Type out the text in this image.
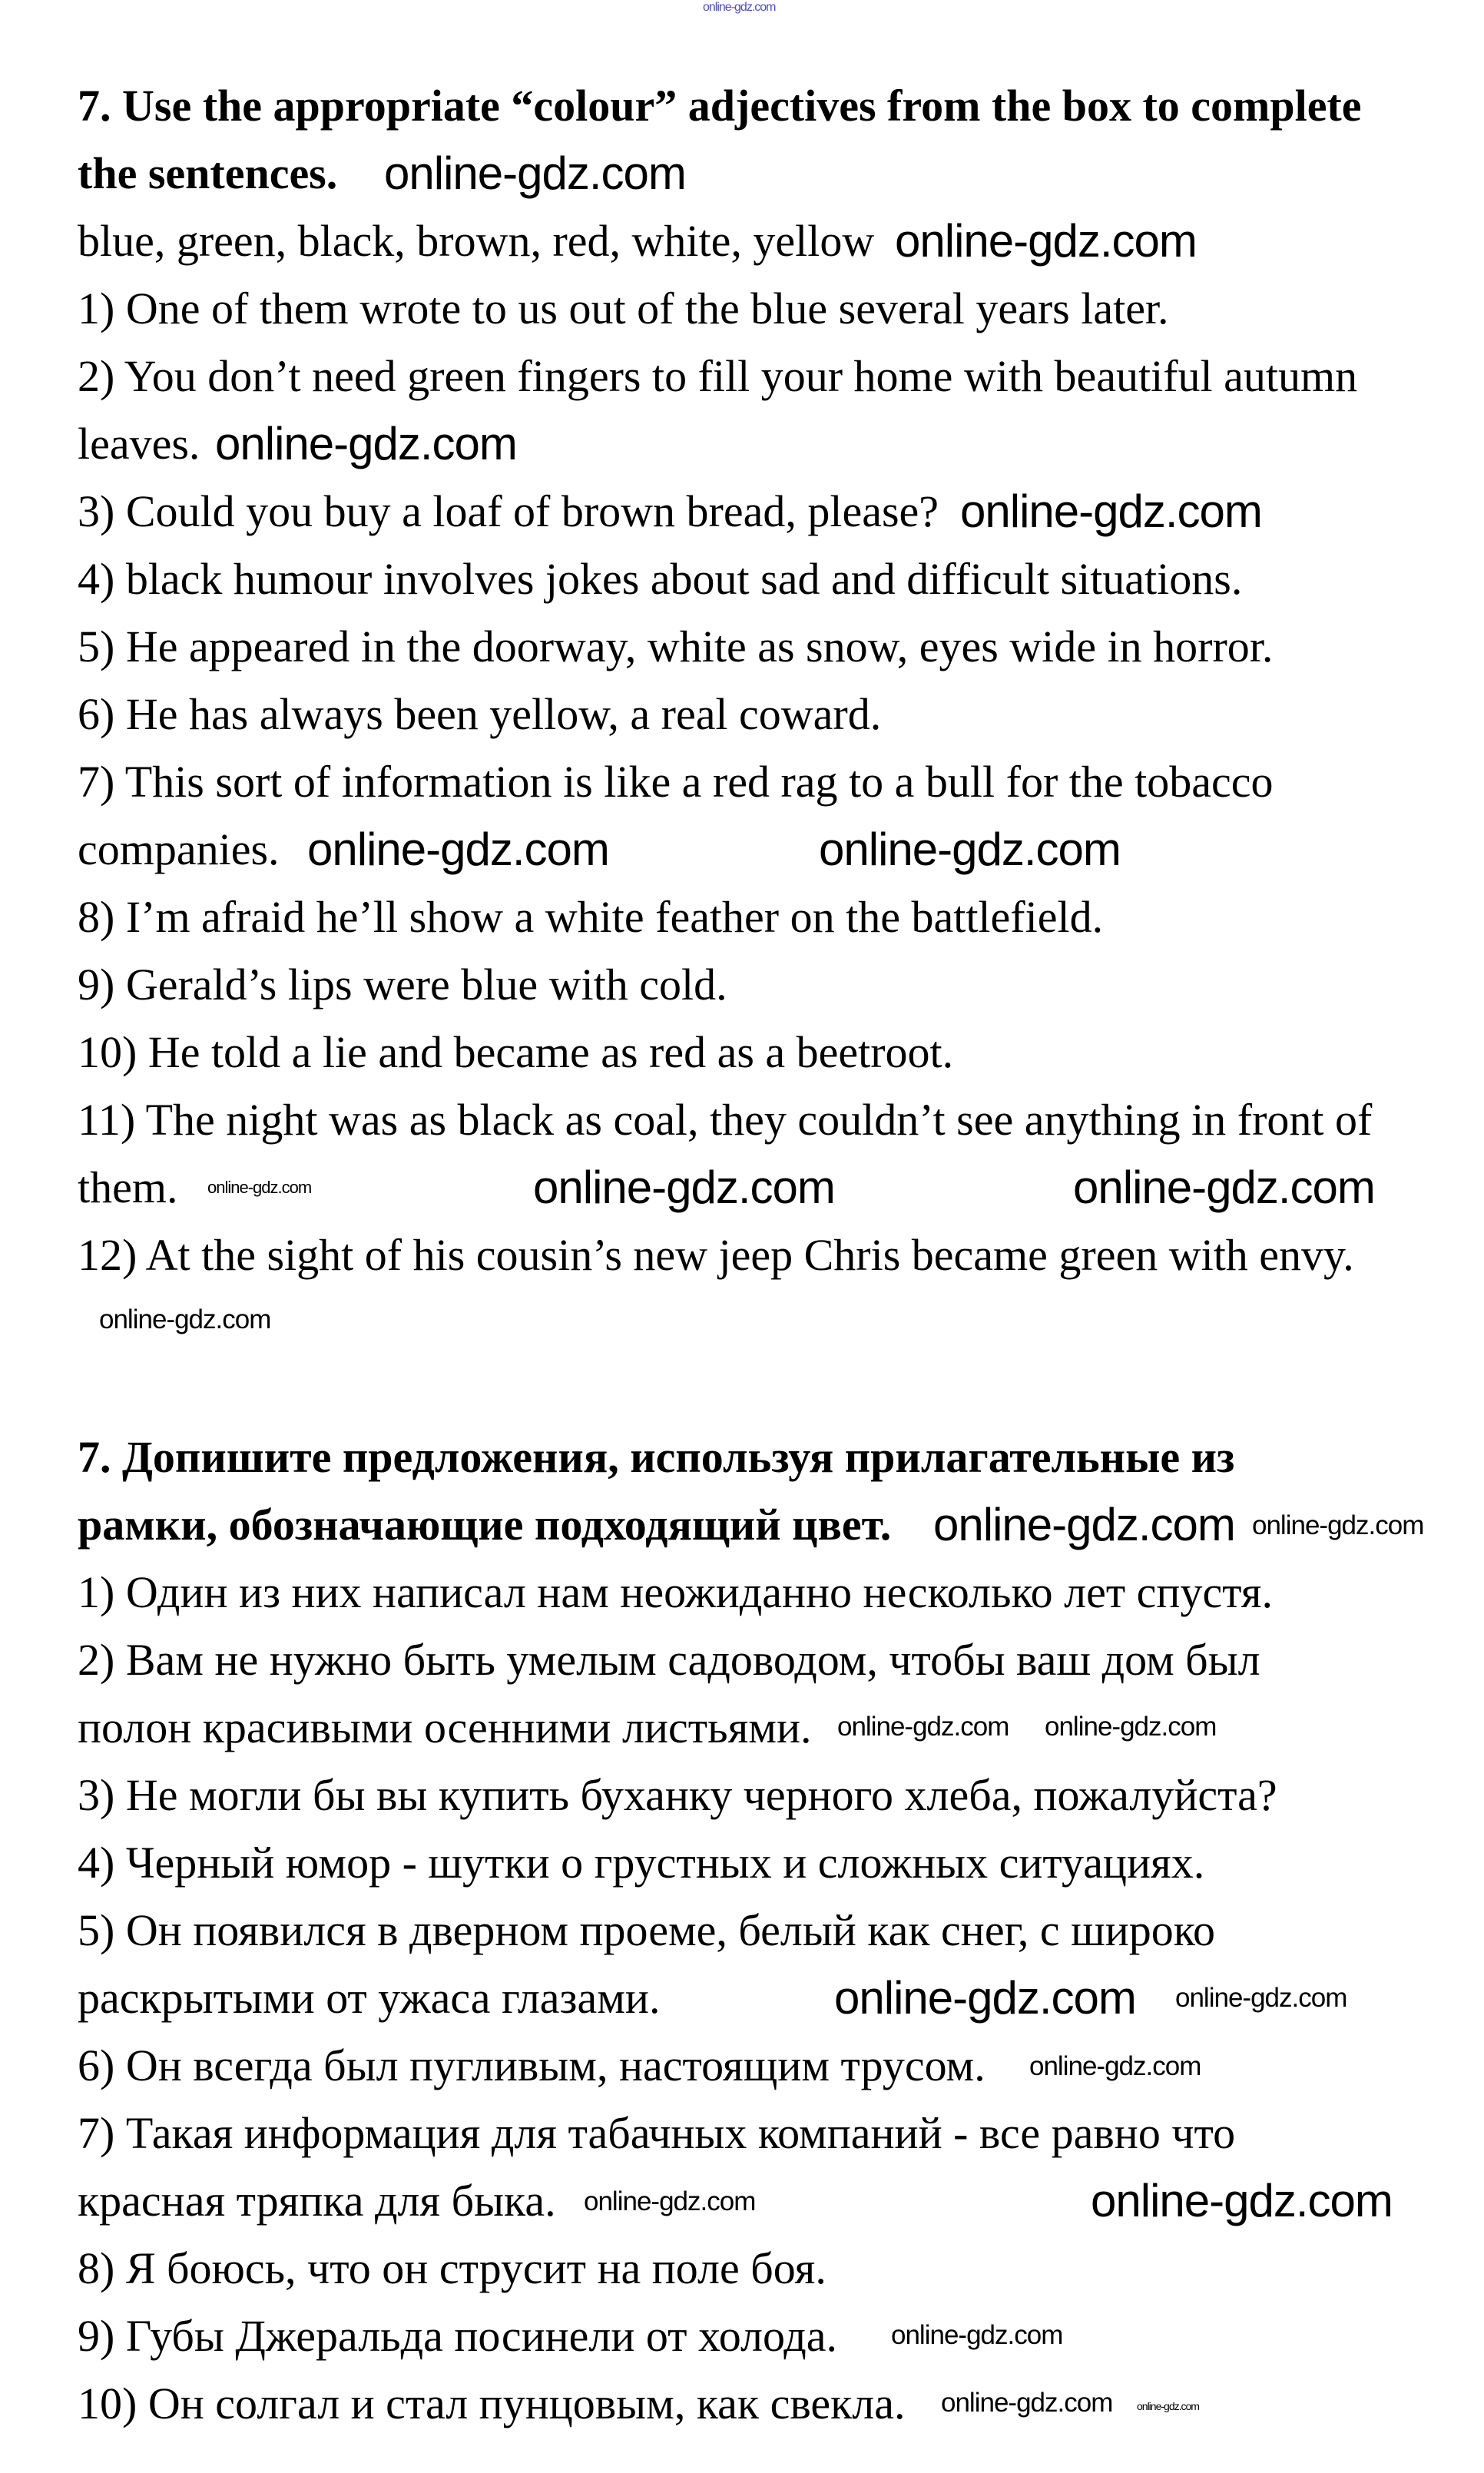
online-gdz.com
7. Use the appropriate “colour” adjectives from the box to complete
the sentences.
blue, green, black, brown, red, white, yellow
1) One of them wrote to us out of the blue several years later.
2) You don’t need green fingers to fill your home with beautiful autumn
leaves.
3) Could you buy a loaf of brown bread, please?
4) black humour involves jokes about sad and difficult situations.
5) He appeared in the doorway, white as snow, eyes wide in horror.
6) He has always been yellow, a real coward.
7) This sort of information is like a red rag to a bull for the tobacco
companies.
8) I’m afraid he’ll show a white feather on the battlefield.
9) Gerald’s lips were blue with cold.
10) He told a lie and became as red as a beetroot.
11) The night was as black as coal, they couldn’t see anything in front of
them.
12) At the sight of his cousin’s new jeep Chris became green with envy.
7. Допишите предложения, используя прилагательные из
рамки, обозначающие подходящий цвет.
1) Один из них написал нам неожиданно несколько лет спустя.
2) Вам не нужно быть умелым садоводом, чтобы ваш дом был
полон красивыми осенними листьями.
3) Не могли бы вы купить буханку черного хлеба, пожалуйста?
4) Черный юмор - шутки о грустных и сложных ситуациях.
5) Он появился в дверном проеме, белый как снег, с широко
раскрытыми от ужаса глазами.
6) Он всегда был пугливым, настоящим трусом.
7) Такая информация для табачных компаний - все равно что
красная тряпка для быка.
8) Я боюсь, что он струсит на поле боя.
9) Губы Джеральда посинели от холода.
10) Он солгал и стал пунцовым, как свекла.
online-gdz.com
online-gdz.com
online-gdz.com
online-gdz.com
online-gdz.com	online-gdz.com
online-gdz.com	online-gdz.com
online-gdz.com
online-gdz.com
online-gdz.com
online-gdz.com
online-gdz.com
online-gdz.com online-gdz.com
online-gdz.com
online-gdz.com
online-gdz.com	online-gdz.com
online-gdz.com
online-gdz.com
online-gdz.com
